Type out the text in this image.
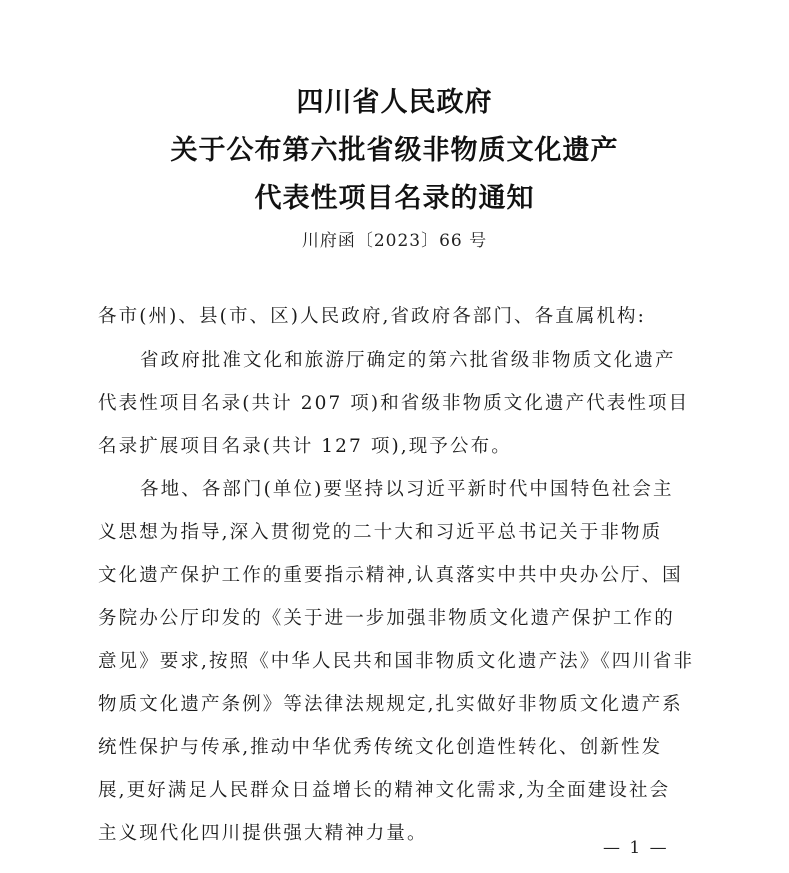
四川省人民政府
关于公布第六批省级非物质文化遗产
代表性项目名录的通知
川府函〔2023〕66 号
各市(州)、县(市、区)人民政府,省政府各部门、各直属机构:
省政府批准文化和旅游厅确定的第六批省级非物质文化遗产
代表性项目名录(共计 207 项)和省级非物质文化遗产代表性项目
名录扩展项目名录(共计 127 项),现予公布。
各地、各部门(单位)要坚持以习近平新时代中国特色社会主
义思想为指导,深入贯彻党的二十大和习近平总书记关于非物质
文化遗产保护工作的重要指示精神,认真落实中共中央办公厅、国
务院办公厅印发的《关于进一步加强非物质文化遗产保护工作的
意见》要求,按照《中华人民共和国非物质文化遗产法》《四川省非
物质文化遗产条例》等法律法规规定,扎实做好非物质文化遗产系
统性保护与传承,推动中华优秀传统文化创造性转化、创新性发
展,更好满足人民群众日益增长的精神文化需求,为全面建设社会
主义现代化四川提供强大精神力量。
— 1 —
